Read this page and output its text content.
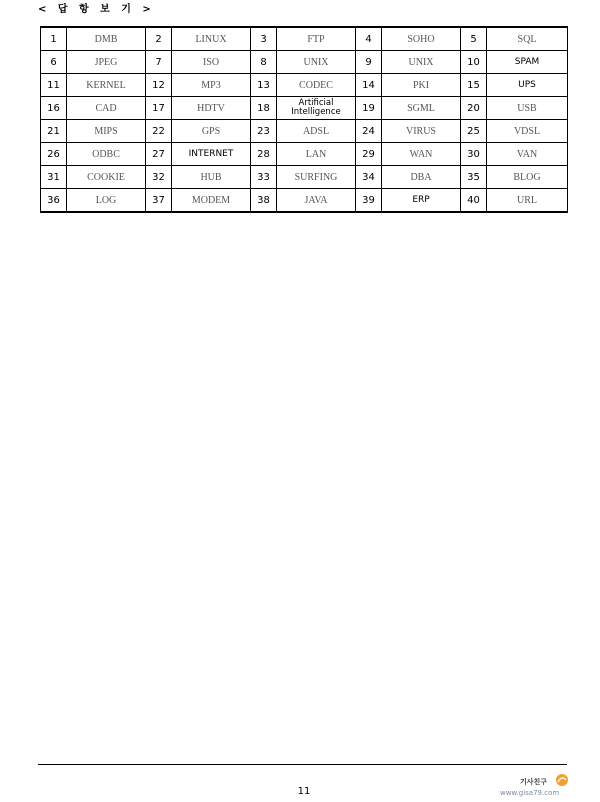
< 답 항 보 기 >
1	DMB	2	LINUX	3	FTP	4	SOHO	5	SQL
6	JPEG	7	ISO	8	UNIX	9	UNIX	10	SPAM
11	KERNEL	12	MP3	13	CODEC	14	PKI	15	UPS
16	CAD	17	HDTV	18	Artificial Intelligence	19	SGML	20	USB
21	MIPS	22	GPS	23	ADSL	24	VIRUS	25	VDSL
26	ODBC	27	INTERNET	28	LAN	29	WAN	30	VAN
31	COOKIE	32	HUB	33	SURFING	34	DBA	35	BLOG
36	LOG	37	MODEM	38	JAVA	39	ERP	40	URL
11
기사친구
www.gisa79.com
